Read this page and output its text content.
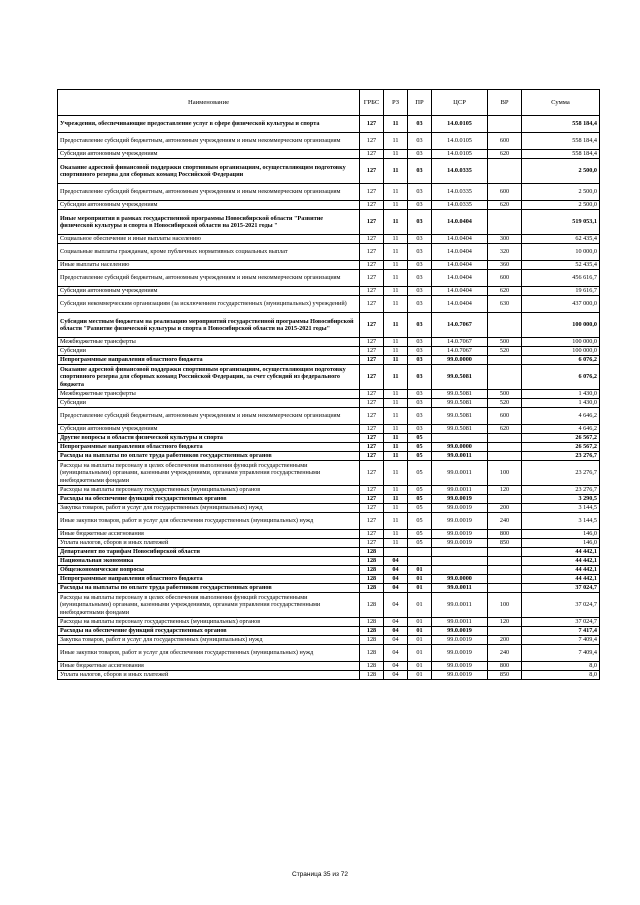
Наименование	ГРБС	РЗ	ПР	ЦСР	ВР	Сумма
Учреждения, обеспечивающие предоставление услуг в сфере физической культуры и спорта	127	11	03	14.0.0105		558 184,4
Предоставление субсидий бюджетным, автономным учреждениям и иным некоммерческим организациям	127	11	03	14.0.0105	600	558 184,4
Субсидии автономным учреждениям	127	11	03	14.0.0105	620	558 184,4
Оказание адресной финансовой поддержки спортивным организациям, осуществляющим подготовку спортивного резерва для сборных команд Российской Федерации	127	11	03	14.0.0335		2 500,0
Предоставление субсидий бюджетным, автономным учреждениям и иным некоммерческим организациям	127	11	03	14.0.0335	600	2 500,0
Субсидии автономным учреждениям	127	11	03	14.0.0335	620	2 500,0
Иные мероприятия в рамках государственной программы Новосибирской области "Развитие физической культуры и спорта в Новосибирской области на 2015-2021 годы "	127	11	03	14.0.0404		519 053,1
Социальное обеспечение и иные выплаты населению	127	11	03	14.0.0404	300	62 435,4
Социальные выплаты гражданам, кроме публичных нормативных социальных выплат	127	11	03	14.0.0404	320	10 000,0
Иные выплаты населению	127	11	03	14.0.0404	360	52 435,4
Предоставление субсидий бюджетным, автономным учреждениям и иным некоммерческим организациям	127	11	03	14.0.0404	600	456 616,7
Субсидии автономным учреждениям	127	11	03	14.0.0404	620	19 616,7
Субсидии некоммерческим организациям (за исключением государственных (муниципальных) учреждений)	127	11	03	14.0.0404	630	437 000,0
Субсидии местным бюджетам на реализацию мероприятий государственной программы Новосибирской области "Развитие физической культуры и спорта в Новосибирской области на 2015-2021 годы"	127	11	03	14.0.7067		100 000,0
Межбюджетные трансферты	127	11	03	14.0.7067	500	100 000,0
Субсидии	127	11	03	14.0.7067	520	100 000,0
Непрограммные направления областного бюджета	127	11	03	99.0.0000		6 076,2
Оказание адресной финансовой поддержки спортивным организациям, осуществляющим подготовку спортивного резерва для сборных команд Российской Федерации, за счет субсидий из федерального бюджета	127	11	03	99.0.5081		6 076,2
Межбюджетные трансферты	127	11	03	99.0.5081	500	1 430,0
Субсидии	127	11	03	99.0.5081	520	1 430,0
Предоставление субсидий бюджетным, автономным учреждениям и иным некоммерческим организациям	127	11	03	99.0.5081	600	4 646,2
Субсидии автономным учреждениям	127	11	03	99.0.5081	620	4 646,2
Другие вопросы в области физической культуры и спорта	127	11	05			26 567,2
Непрограммные направления областного бюджета	127	11	05	99.0.0000		26 567,2
Расходы на выплаты по оплате труда работников государственных органов	127	11	05	99.0.0011		23 276,7
Расходы на выплаты персоналу в целях обеспечения выполнения функций государственными (муниципальными) органами, казенными учреждениями, органами управления государственными внебюджетными фондами	127	11	05	99.0.0011	100	23 276,7
Расходы на выплаты персоналу государственных (муниципальных) органов	127	11	05	99.0.0011	120	23 276,7
Расходы на обеспечение функций государственных органов	127	11	05	99.0.0019		3 290,5
Закупка товаров, работ и услуг для государственных (муниципальных) нужд	127	11	05	99.0.0019	200	3 144,5
Иные закупки товаров, работ и услуг для обеспечения государственных (муниципальных) нужд	127	11	05	99.0.0019	240	3 144,5
Иные бюджетные ассигнования	127	11	05	99.0.0019	800	146,0
Уплата налогов, сборов и иных платежей	127	11	05	99.0.0019	850	146,0
Департамент по тарифам Новосибирской области	128					44 442,1
Национальная экономика	128	04				44 442,1
Общеэкономические вопросы	128	04	01			44 442,1
Непрограммные направления областного бюджета	128	04	01	99.0.0000		44 442,1
Расходы на выплаты по оплате труда работников государственных органов	128	04	01	99.0.0011		37 024,7
Расходы на выплаты персоналу в целях обеспечения выполнения функций государственными (муниципальными) органами, казенными учреждениями, органами управления государственными внебюджетными фондами	128	04	01	99.0.0011	100	37 024,7
Расходы на выплаты персоналу государственных (муниципальных) органов	128	04	01	99.0.0011	120	37 024,7
Расходы на обеспечение функций государственных органов	128	04	01	99.0.0019		7 417,4
Закупка товаров, работ и услуг для государственных (муниципальных) нужд	128	04	01	99.0.0019	200	7 409,4
Иные закупки товаров, работ и услуг для обеспечения государственных (муниципальных) нужд	128	04	01	99.0.0019	240	7 409,4
Иные бюджетные ассигнования	128	04	01	99.0.0019	800	8,0
Уплата налогов, сборов и иных платежей	128	04	01	99.0.0019	850	8,0
Страница 35 из 72
